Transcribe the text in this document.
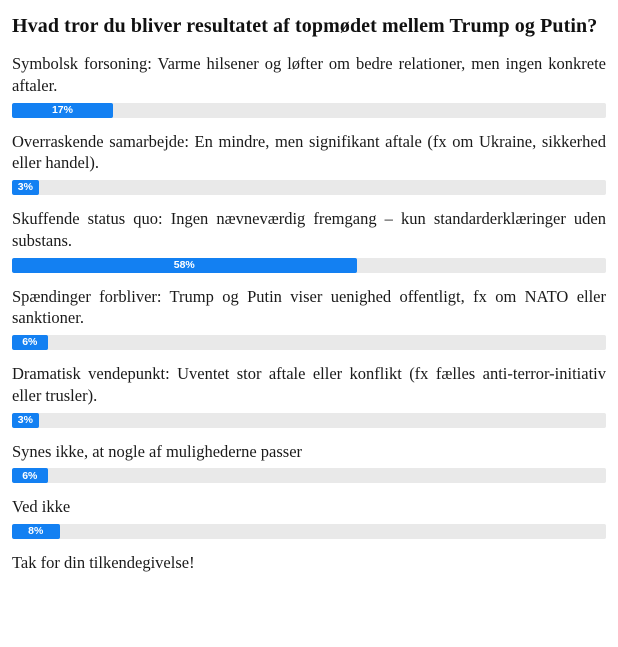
Hvad tror du bliver resultatet af topmødet mellem Trump og Putin?
Symbolsk forsoning: Varme hilsener og løfter om bedre relationer, men ingen konkrete aftaler.
17%
Overraskende samarbejde: En mindre, men signifikant aftale (fx om Ukraine, sikkerhed eller handel).
3%
Skuffende status quo: Ingen nævneværdig fremgang – kun standarderklæringer uden substans.
58%
Spændinger forbliver: Trump og Putin viser uenighed offentligt, fx om NATO eller sanktioner.
6%
Dramatisk vendepunkt: Uventet stor aftale eller konflikt (fx fælles anti-terror-initiativ eller trusler).
3%
Synes ikke, at nogle af mulighederne passer
6%
Ved ikke
8%
Tak for din tilkendegivelse!
